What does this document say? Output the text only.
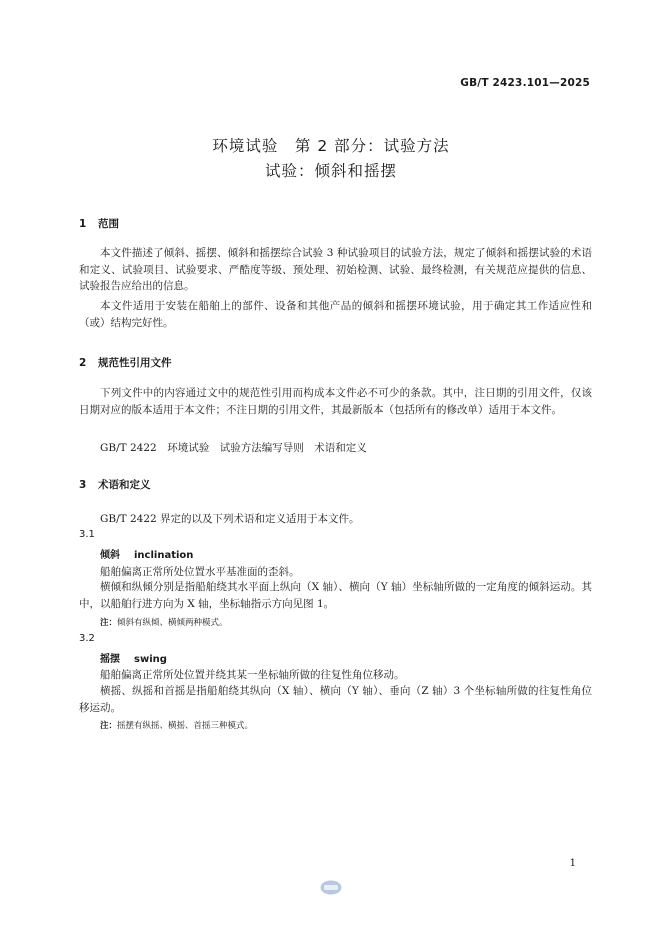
GB/T 2423.101—2025
环境试验　第 2 部分：试验方法
试验：倾斜和摇摆
1 范围
本文件描述了倾斜、摇摆、倾斜和摇摆综合试验 3 种试验项目的试验方法，规定了倾斜和摇摆试验的术语和定义、试验项目、试验要求、严酷度等级、预处理、初始检测、试验、最终检测，有关规范应提供的信息、试验报告应给出的信息。
本文件适用于安装在船舶上的部件、设备和其他产品的倾斜和摇摆环境试验，用于确定其工作适应性和（或）结构完好性。
2 规范性引用文件
下列文件中的内容通过文中的规范性引用而构成本文件必不可少的条款。其中，注日期的引用文件，仅该日期对应的版本适用于本文件；不注日期的引用文件，其最新版本（包括所有的修改单）适用于本文件。
GB/T 2422　环境试验　试验方法编写导则　术语和定义
3 术语和定义
GB/T 2422 界定的以及下列术语和定义适用于本文件。
3.1
倾斜 inclination
船舶偏离正常所处位置水平基准面的歪斜。
横倾和纵倾分别是指船舶绕其水平面上纵向（X 轴）、横向（Y 轴）坐标轴所做的一定角度的倾斜运动。其中，以船舶行进方向为 X 轴，坐标轴指示方向见图 1。
注：倾斜有纵倾、横倾两种模式。
3.2
摇摆 swing
船舶偏离正常所处位置并绕其某一坐标轴所做的往复性角位移动。
横摇、纵摇和首摇是指船舶绕其纵向（X 轴）、横向（Y 轴）、垂向（Z 轴）3 个坐标轴所做的往复性角位移运动。
注：摇摆有纵摇、横摇、首摇三种模式。
1
